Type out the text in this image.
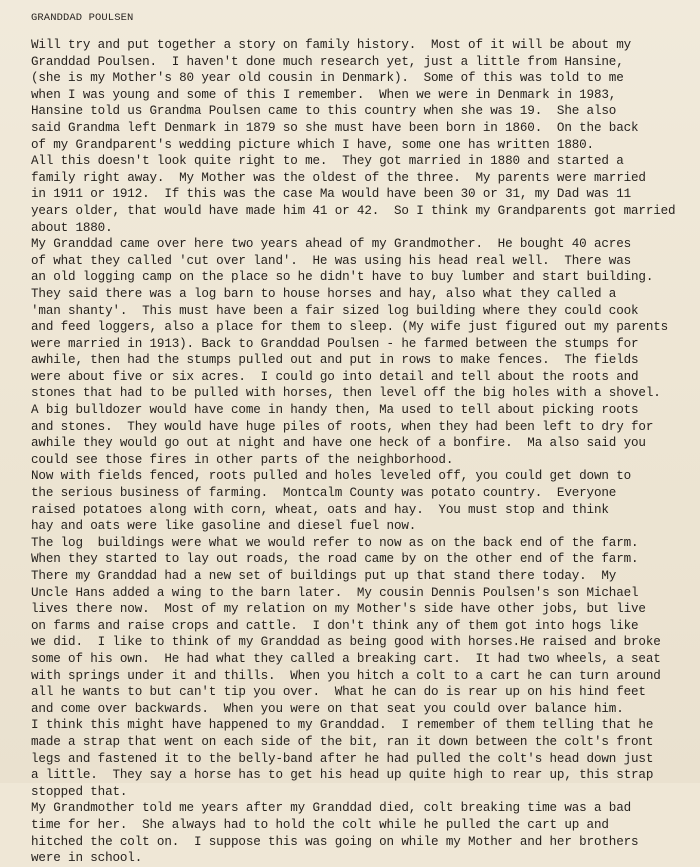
GRANDDAD POULSEN
Will try and put together a story on family history.  Most of it will be about my
Granddad Poulsen.  I haven't done much research yet, just a little from Hansine,
(she is my Mother's 80 year old cousin in Denmark).  Some of this was told to me
when I was young and some of this I remember.  When we were in Denmark in 1983,
Hansine told us Grandma Poulsen came to this country when she was 19.  She also
said Grandma left Denmark in 1879 so she must have been born in 1860.  On the back
of my Grandparent's wedding picture which I have, some one has written 1880.
All this doesn't look quite right to me.  They got married in 1880 and started a
family right away.  My Mother was the oldest of the three.  My parents were married
in 1911 or 1912.  If this was the case Ma would have been 30 or 31, my Dad was 11
years older, that would have made him 41 or 42.  So I think my Grandparents got married
about 1880.
My Granddad came over here two years ahead of my Grandmother.  He bought 40 acres
of what they called 'cut over land'.  He was using his head real well.  There was
an old logging camp on the place so he didn't have to buy lumber and start building.
They said there was a log barn to house horses and hay, also what they called a
'man shanty'.  This must have been a fair sized log building where they could cook
and feed loggers, also a place for them to sleep. (My wife just figured out my parents
were married in 1913). Back to Granddad Poulsen - he farmed between the stumps for
awhile, then had the stumps pulled out and put in rows to make fences.  The fields
were about five or six acres.  I could go into detail and tell about the roots and
stones that had to be pulled with horses, then level off the big holes with a shovel.
A big bulldozer would have come in handy then, Ma used to tell about picking roots
and stones.  They would have huge piles of roots, when they had been left to dry for
awhile they would go out at night and have one heck of a bonfire.  Ma also said you
could see those fires in other parts of the neighborhood.
Now with fields fenced, roots pulled and holes leveled off, you could get down to
the serious business of farming.  Montcalm County was potato country.  Everyone
raised potatoes along with corn, wheat, oats and hay.  You must stop and think
hay and oats were like gasoline and diesel fuel now.
The log  buildings were what we would refer to now as on the back end of the farm.
When they started to lay out roads, the road came by on the other end of the farm.
There my Granddad had a new set of buildings put up that stand there today.  My
Uncle Hans added a wing to the barn later.  My cousin Dennis Poulsen's son Michael
lives there now.  Most of my relation on my Mother's side have other jobs, but live
on farms and raise crops and cattle.  I don't think any of them got into hogs like
we did.  I like to think of my Granddad as being good with horses.He raised and broke
some of his own.  He had what they called a breaking cart.  It had two wheels, a seat
with springs under it and thills.  When you hitch a colt to a cart he can turn around
all he wants to but can't tip you over.  What he can do is rear up on his hind feet
and come over backwards.  When you were on that seat you could over balance him.
I think this might have happened to my Granddad.  I remember of them telling that he
made a strap that went on each side of the bit, ran it down between the colt's front
legs and fastened it to the belly-band after he had pulled the colt's head down just
a little.  They say a horse has to get his head up quite high to rear up, this strap
stopped that.
My Grandmother told me years after my Granddad died, colt breaking time was a bad
time for her.  She always had to hold the colt while he pulled the cart up and
hitched the colt on.  I suppose this was going on while my Mother and her brothers
were in school.
